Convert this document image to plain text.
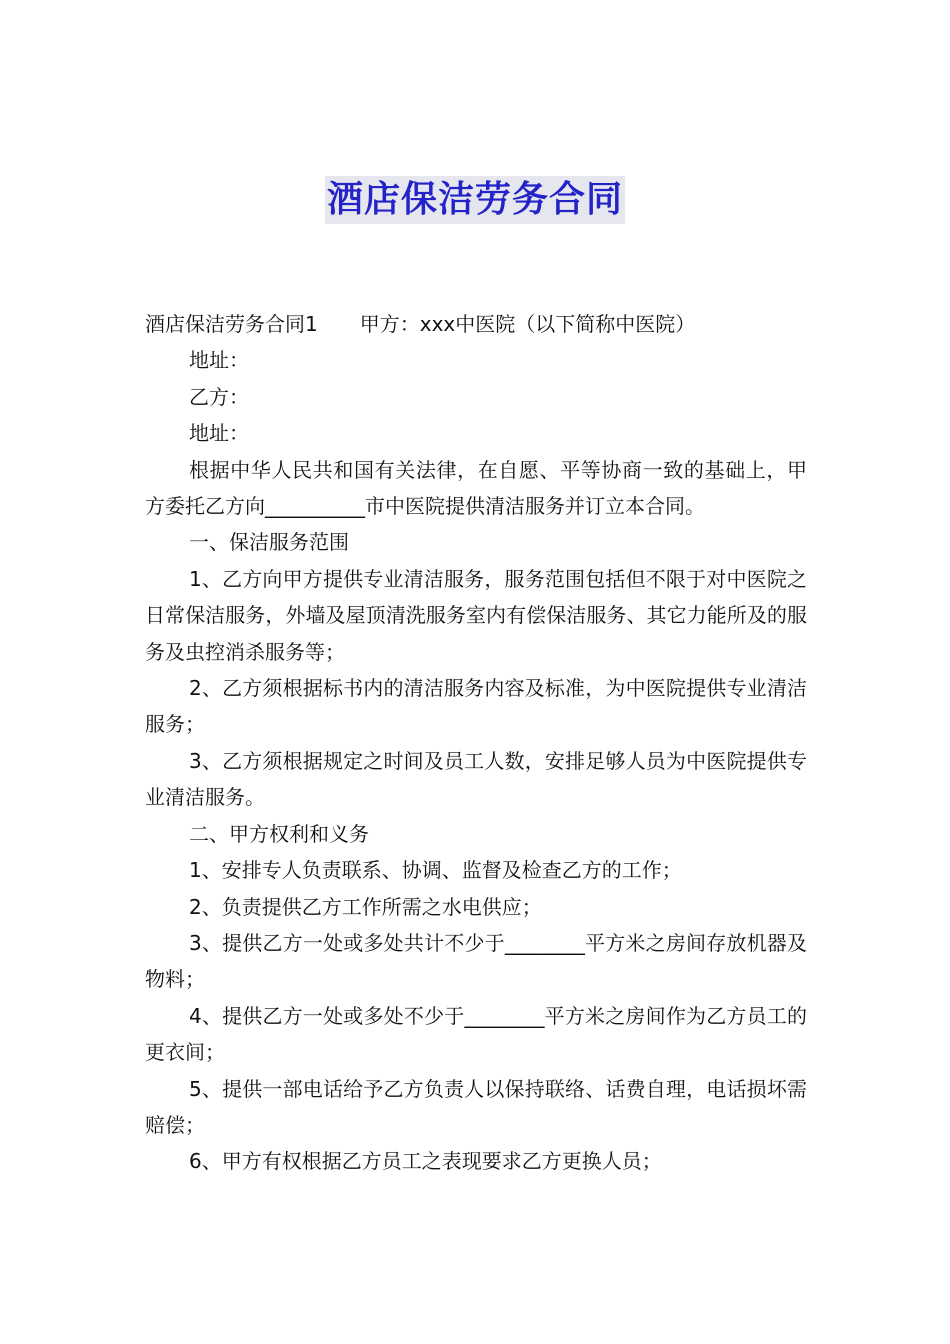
酒店保洁劳务合同

酒店保洁劳务合同1 甲方：xxx中医院（以下简称中医院）

地址：

乙方：

地址：

根据中华人民共和国有关法律，在自愿、平等协商一致的基础上，甲方委托乙方向__________市中医院提供清洁服务并订立本合同。

一、保洁服务范围

1、乙方向甲方提供专业清洁服务，服务范围包括但不限于对中医院之日常保洁服务，外墙及屋顶清洗服务室内有偿保洁服务、其它力能所及的服务及虫控消杀服务等；

2、乙方须根据标书内的清洁服务内容及标准，为中医院提供专业清洁服务；

3、乙方须根据规定之时间及员工人数，安排足够人员为中医院提供专业清洁服务。

二、甲方权利和义务

1、安排专人负责联系、协调、监督及检查乙方的工作；

2、负责提供乙方工作所需之水电供应；

3、提供乙方一处或多处共计不少于________平方米之房间存放机器及物料；

4、提供乙方一处或多处不少于________平方米之房间作为乙方员工的更衣间；

5、提供一部电话给予乙方负责人以保持联络、话费自理，电话损坏需赔偿；

6、甲方有权根据乙方员工之表现要求乙方更换人员；
